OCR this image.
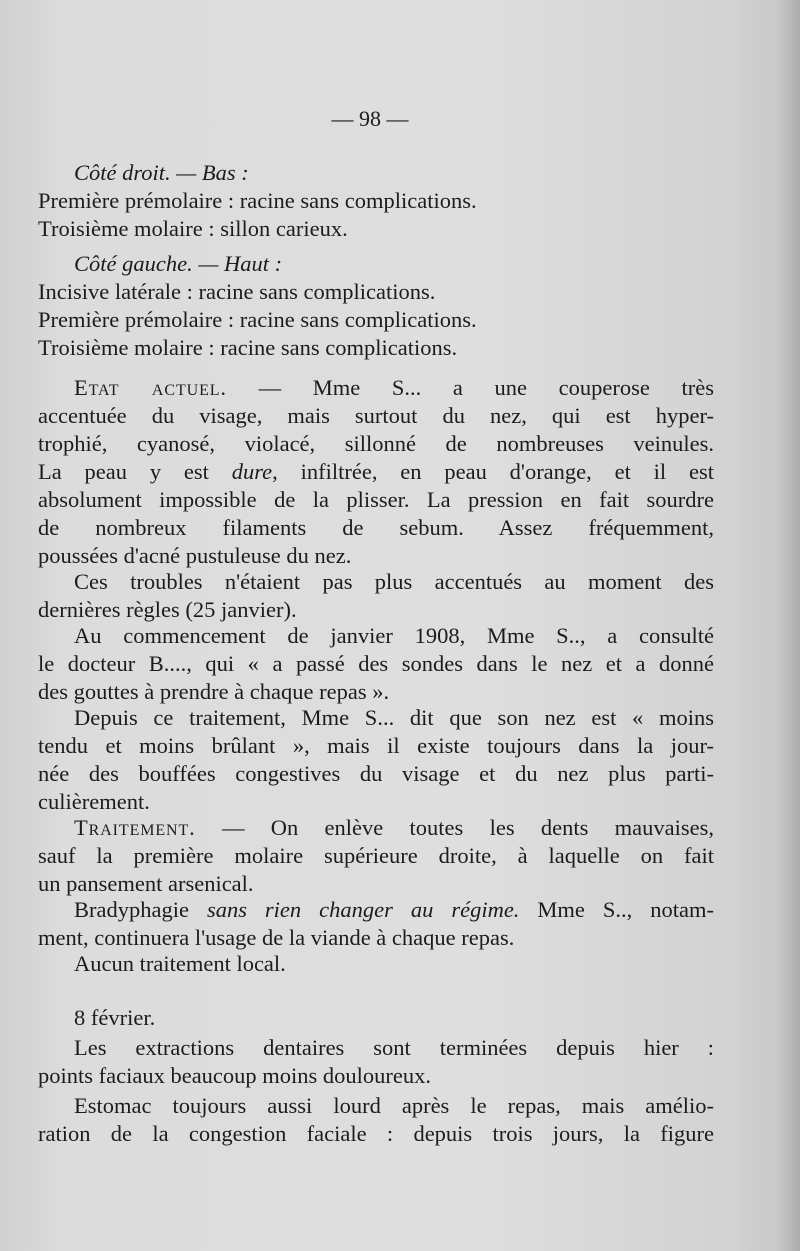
— 98 —
Côté droit. — Bas :
Première prémolaire : racine sans complications.
Troisième molaire : sillon carieux.
Côté gauche. — Haut :
Incisive latérale : racine sans complications.
Première prémolaire : racine sans complications.
Troisième molaire : racine sans complications.
Etat actuel. — Mme S... a une couperose très
accentuée du visage, mais surtout du nez, qui est hyper-
trophié, cyanosé, violacé, sillonné de nombreuses veinules.
La peau y est dure, infiltrée, en peau d'orange, et il est
absolument impossible de la plisser. La pression en fait sourdre
de nombreux filaments de sebum. Assez fréquemment,
poussées d'acné pustuleuse du nez.
Ces troubles n'étaient pas plus accentués au moment des
dernières règles (25 janvier).
Au commencement de janvier 1908, Mme S.., a consulté
le docteur B...., qui « a passé des sondes dans le nez et a donné
des gouttes à prendre à chaque repas ».
Depuis ce traitement, Mme S... dit que son nez est « moins
tendu et moins brûlant », mais il existe toujours dans la jour-
née des bouffées congestives du visage et du nez plus parti-
culièrement.
Traitement. — On enlève toutes les dents mauvaises,
sauf la première molaire supérieure droite, à laquelle on fait
un pansement arsenical.
Bradyphagie sans rien changer au régime. Mme S.., notam-
ment, continuera l'usage de la viande à chaque repas.
Aucun traitement local.
8 février.
Les extractions dentaires sont terminées depuis hier :
points faciaux beaucoup moins douloureux.
Estomac toujours aussi lourd après le repas, mais amélio-
ration de la congestion faciale : depuis trois jours, la figure
